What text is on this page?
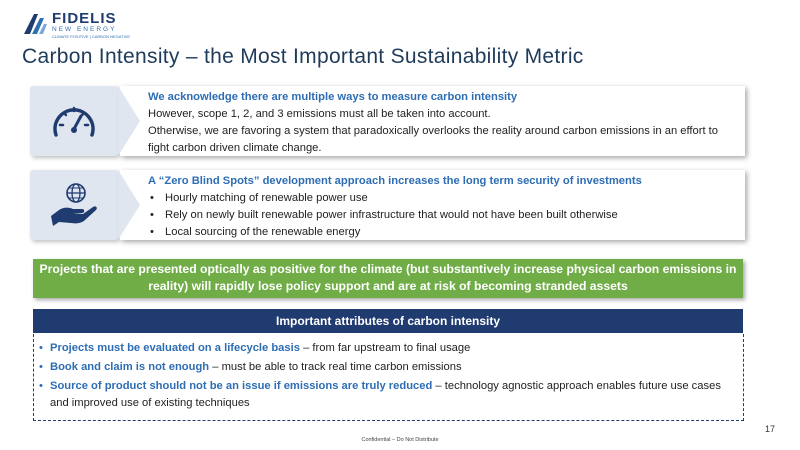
FIDELIS
NEW ENERGY
CLIMATE POSITIVE | CARBON NEGATIVE
Carbon Intensity – the Most Important Sustainability Metric
We acknowledge there are multiple ways to measure carbon intensity
However, scope 1, 2, and 3 emissions must all be taken into account.
Otherwise, we are favoring a system that paradoxically overlooks the reality around carbon emissions in an effort to fight carbon driven climate change.
A “Zero Blind Spots” development approach increases the long term security of investments
• Hourly matching of renewable power use
• Rely on newly built renewable power infrastructure that would not have been built otherwise
• Local sourcing of the renewable energy
Projects that are presented optically as positive for the climate (but substantively increase physical carbon emissions in reality) will rapidly lose policy support and are at risk of becoming stranded assets
Important attributes of carbon intensity
• Projects must be evaluated on a lifecycle basis – from far upstream to final usage
• Book and claim is not enough – must be able to track real time carbon emissions
• Source of product should not be an issue if emissions are truly reduced – technology agnostic approach enables future use cases and improved use of existing techniques
17
Confidential – Do Not Distribute
